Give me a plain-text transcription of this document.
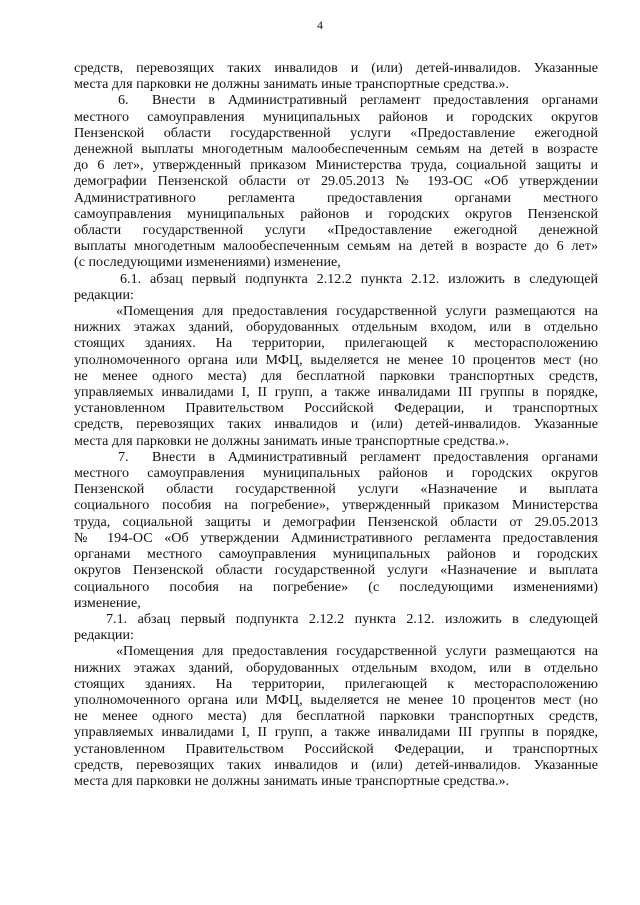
4
средств, перевозящих таких инвалидов и (или) детей-инвалидов. Указанные
места для парковки не должны занимать иные транспортные средства.».
6. Внести в Административный регламент предоставления органами
местного самоуправления муниципальных районов и городских округов
Пензенской области государственной услуги «Предоставление ежегодной
денежной выплаты многодетным малообеспеченным семьям на детей в возрасте
до 6 лет», утвержденный приказом Министерства труда, социальной защиты и
демографии Пензенской области от 29.05.2013 № 193-ОС «Об утверждении
Административного регламента предоставления органами местного
самоуправления муниципальных районов и городских округов Пензенской
области государственной услуги «Предоставление ежегодной денежной
выплаты многодетным малообеспеченным семьям на детей в возрасте до 6 лет»
(с последующими изменениями) изменение,
6.1. абзац первый подпункта 2.12.2 пункта 2.12. изложить в следующей
редакции:
«Помещения для предоставления государственной услуги размещаются на
нижних этажах зданий, оборудованных отдельным входом, или в отдельно
стоящих зданиях. На территории, прилегающей к месторасположению
уполномоченного органа или МФЦ, выделяется не менее 10 процентов мест (но
не менее одного места) для бесплатной парковки транспортных средств,
управляемых инвалидами I, II групп, а также инвалидами III группы в порядке,
установленном Правительством Российской Федерации, и транспортных
средств, перевозящих таких инвалидов и (или) детей-инвалидов. Указанные
места для парковки не должны занимать иные транспортные средства.».
7. Внести в Административный регламент предоставления органами
местного самоуправления муниципальных районов и городских округов
Пензенской области государственной услуги «Назначение и выплата
социального пособия на погребение», утвержденный приказом Министерства
труда, социальной защиты и демографии Пензенской области от 29.05.2013
№ 194-ОС «Об утверждении Административного регламента предоставления
органами местного самоуправления муниципальных районов и городских
округов Пензенской области государственной услуги «Назначение и выплата
социального пособия на погребение» (с последующими изменениями)
изменение,
7.1. абзац первый подпункта 2.12.2 пункта 2.12. изложить в следующей
редакции:
«Помещения для предоставления государственной услуги размещаются на
нижних этажах зданий, оборудованных отдельным входом, или в отдельно
стоящих зданиях. На территории, прилегающей к месторасположению
уполномоченного органа или МФЦ, выделяется не менее 10 процентов мест (но
не менее одного места) для бесплатной парковки транспортных средств,
управляемых инвалидами I, II групп, а также инвалидами III группы в порядке,
установленном Правительством Российской Федерации, и транспортных
средств, перевозящих таких инвалидов и (или) детей-инвалидов. Указанные
места для парковки не должны занимать иные транспортные средства.».
